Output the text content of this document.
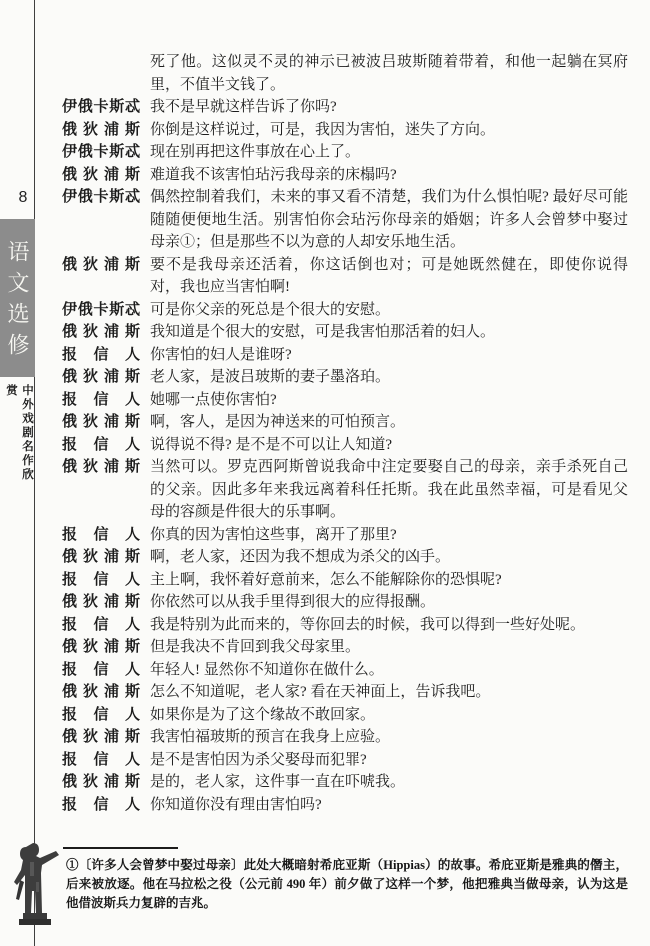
8
语文选修
中外戏剧名作欣赏
死了他。这似灵不灵的神示已被波吕玻斯随着带着，和他一起躺在冥府里，不值半文钱了。
伊俄卡斯忒 我不是早就这样告诉了你吗?
俄狄浦斯 你倒是这样说过，可是，我因为害怕，迷失了方向。
伊俄卡斯忒 现在别再把这件事放在心上了。
俄狄浦斯 难道我不该害怕玷污我母亲的床榻吗?
伊俄卡斯忒 偶然控制着我们，未来的事又看不清楚，我们为什么惧怕呢? 最好尽可能随随便便地生活。别害怕你会玷污你母亲的婚姻；许多人会曾梦中娶过母亲①；但是那些不以为意的人却安乐地生活。
俄狄浦斯 要不是我母亲还活着，你这话倒也对；可是她既然健在，即使你说得对，我也应当害怕啊!
伊俄卡斯忒 可是你父亲的死总是个很大的安慰。
俄狄浦斯 我知道是个很大的安慰，可是我害怕那活着的妇人。
报信人 你害怕的妇人是谁呀?
俄狄浦斯 老人家，是波吕玻斯的妻子墨洛珀。
报信人 她哪一点使你害怕?
俄狄浦斯 啊，客人，是因为神送来的可怕预言。
报信人 说得说不得? 是不是不可以让人知道?
俄狄浦斯 当然可以。罗克西阿斯曾说我命中注定要娶自己的母亲，亲手杀死自己的父亲。因此多年来我远离着科任托斯。我在此虽然幸福，可是看见父母的容颜是件很大的乐事啊。
报信人 你真的因为害怕这些事，离开了那里?
俄狄浦斯 啊，老人家，还因为我不想成为杀父的凶手。
报信人 主上啊，我怀着好意前来，怎么不能解除你的恐惧呢?
俄狄浦斯 你依然可以从我手里得到很大的应得报酬。
报信人 我是特别为此而来的，等你回去的时候，我可以得到一些好处呢。
俄狄浦斯 但是我决不肯回到我父母家里。
报信人 年轻人! 显然你不知道你在做什么。
俄狄浦斯 怎么不知道呢，老人家? 看在天神面上，告诉我吧。
报信人 如果你是为了这个缘故不敢回家。
俄狄浦斯 我害怕福玻斯的预言在我身上应验。
报信人 是不是害怕因为杀父娶母而犯罪?
俄狄浦斯 是的，老人家，这件事一直在吓唬我。
报信人 你知道你没有理由害怕吗?
①〔许多人会曾梦中娶过母亲〕此处大概暗射希庇亚斯（Hippias）的故事。希庇亚斯是雅典的僭主，后来被放逐。他在马拉松之役（公元前 490 年）前夕做了这样一个梦，他把雅典当做母亲，认为这是他借波斯兵力复辟的吉兆。
